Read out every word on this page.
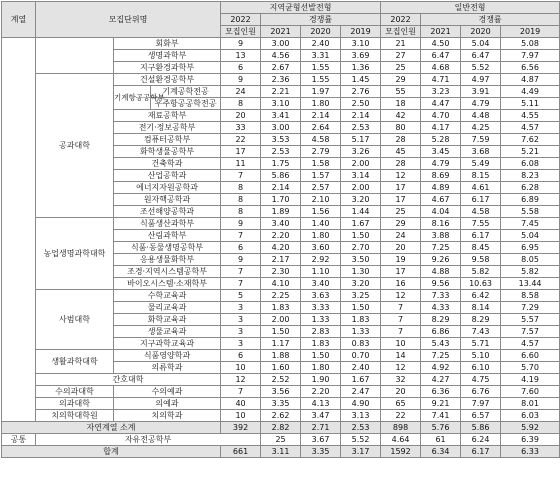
계열	모집단위명			지역균형선발전형				일반전형				
				2022	경쟁률			2022	경쟁률			
				모집인원	2021	2020	2019	모집인원	2021	2020	2019	
		회화부		9	3.00	2.40	3.10	21	4.50	5.04	5.08	
		생명과학부		13	4.56	3.31	3.69	27	6.47	6.47	7.97	
		지구환경과학부		6	2.67	1.55	1.36	25	4.68	5.52	6.56	
	공과대학	건설환경공학부		9	2.36	1.55	1.45	29	4.71	4.97	4.87	
		기계항공공학부	기계공학전공	24	2.21	1.97	2.76	55	3.23	3.91	4.49	
			우주항공공학전공	8	3.10	1.80	2.50	18	4.47	4.79	5.11	
		재료공학부		20	3.41	2.14	2.14	42	4.70	4.48	4.55	
		전기·정보공학부		33	3.00	2.64	2.53	80	4.17	4.25	4.57	
		컴퓨터공학부		22	3.53	4.58	5.17	28	5.28	7.59	7.62	
		화학생물공학부		17	2.53	2.79	3.26	45	3.45	3.68	5.21	
		건축학과		11	1.75	1.58	2.00	28	4.79	5.49	6.08	
		산업공학과		7	5.86	1.57	3.14	12	8.69	8.15	8.23	
		에너지자원공학과		8	2.14	2.57	2.00	17	4.89	4.61	6.28	
		원자핵공학과		8	1.70	2.10	3.20	17	4.67	6.17	6.89	
		조선해양공학과		8	1.89	1.56	1.44	25	4.04	4.58	5.58	
	농업생명과학대학	식품생산과학부		9	3.40	1.40	1.67	29	8.16	7.55	7.45	
		산림과학부		7	2.20	1.80	1.50	24	3.88	6.17	5.04	
		식품·동물생명공학부		6	4.20	3.60	2.70	20	7.25	8.45	6.95	
		응용생물화학부		9	2.17	2.92	3.50	19	9.26	9.58	8.05	
		조경·지역시스템공학부		7	2.30	1.10	1.30	17	4.88	5.82	5.82	
		바이오시스템·소재학부		7	4.10	3.40	3.20	16	9.56	10.63	13.44	
	사범대학	수학교육과		5	2.25	3.63	3.25	12	7.33	6.42	8.58	
		물리교육과		3	1.83	3.33	1.50	7	4.33	8.14	7.29	
		화학교육과		3	2.00	1.33	1.83	7	8.29	8.29	5.57	
		생물교육과		3	1.50	2.83	1.33	7	6.86	7.43	7.57	
		지구과학교육과		3	1.17	1.83	0.83	10	5.43	5.71	4.57	
	생활과학대학	식품영양학과		6	1.88	1.50	0.70	14	7.25	5.10	6.60	
		의류학과		10	1.60	1.80	2.40	12	4.92	6.10	5.70	
	간호대학			12	2.52	1.90	1.67	32	4.27	4.75	4.19	
	수의과대학	수의예과		7	3.56	2.20	2.47	20	6.36	6.76	7.60	
	의과대학	의예과		40	3.35	4.13	4.90	65	9.21	7.97	8.01	
	치의학대학원	치의학과		10	2.62	3.47	3.13	22	7.41	6.57	6.03	
자연계열 소계				392	2.82	2.71	2.53	898	5.76	5.86	5.92	
공통	자유전공학부				25	3.67	5.52	4.64	61	6.24	6.39	
합계				661	3.11	3.35	3.17	1592	6.34	6.17	6.33	
